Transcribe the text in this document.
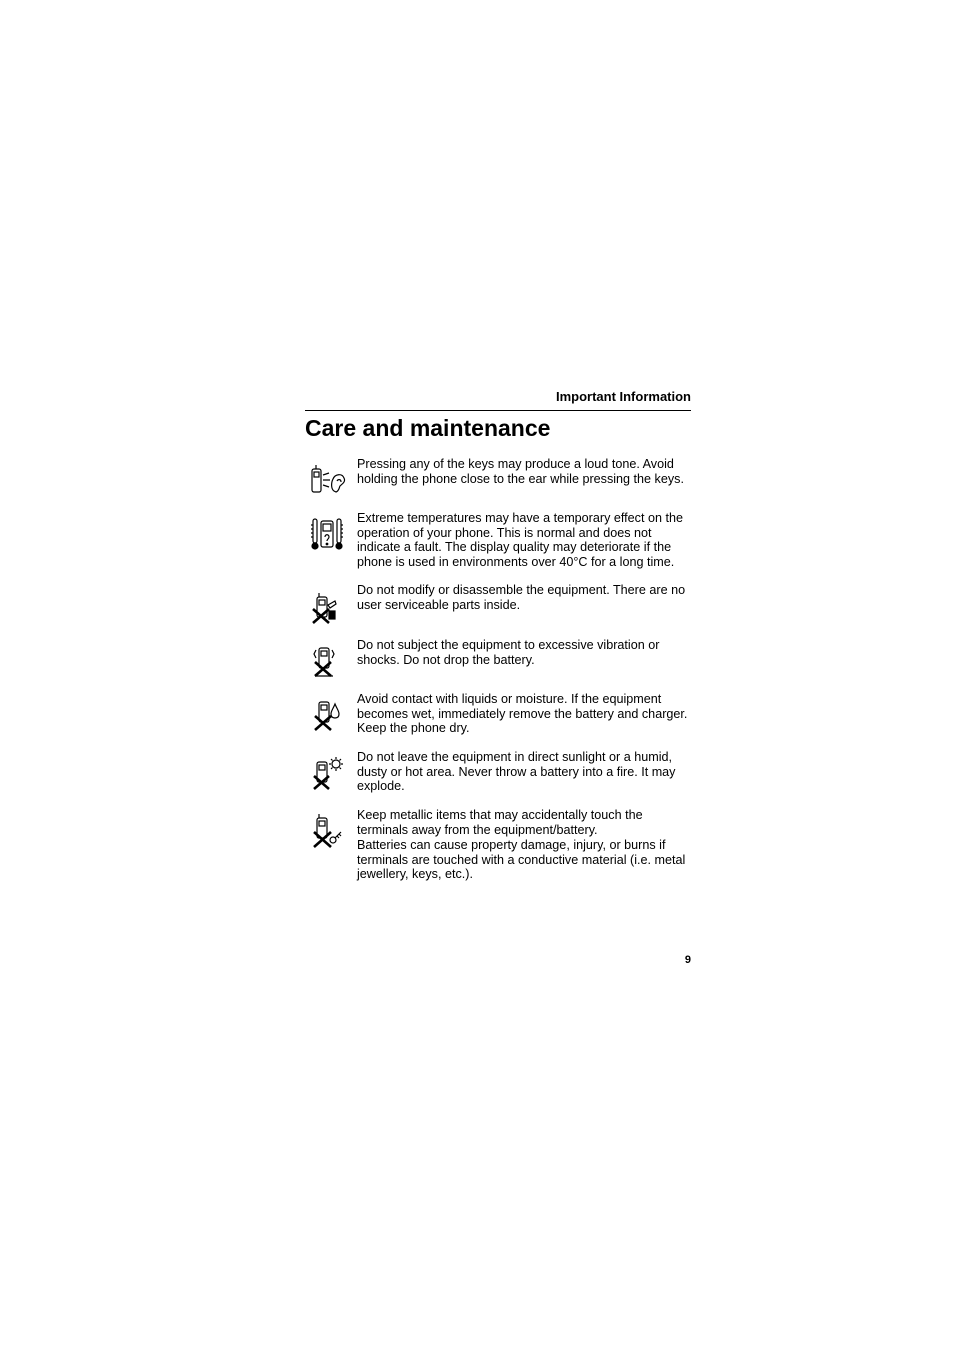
Important Information
Care and maintenance

Pressing any of the keys may produce a loud tone. Avoid holding the phone close to the ear while pressing the keys.

Extreme temperatures may have a temporary effect on the operation of your phone. This is normal and does not indicate a fault. The display quality may deteriorate if the phone is used in environments over 40°C for a long time.

Do not modify or disassemble the equipment. There are no user serviceable parts inside.

Do not subject the equipment to excessive vibration or shocks. Do not drop the battery.

Avoid contact with liquids or moisture. If the equipment becomes wet, immediately remove the battery and charger. Keep the phone dry.

Do not leave the equipment in direct sunlight or a humid, dusty or hot area. Never throw a battery into a fire. It may explode.

Keep metallic items that may accidentally touch the terminals away from the equipment/battery.

Batteries can cause property damage, injury, or burns if terminals are touched with a conductive material (i.e. metal jewellery, keys, etc.).

9
